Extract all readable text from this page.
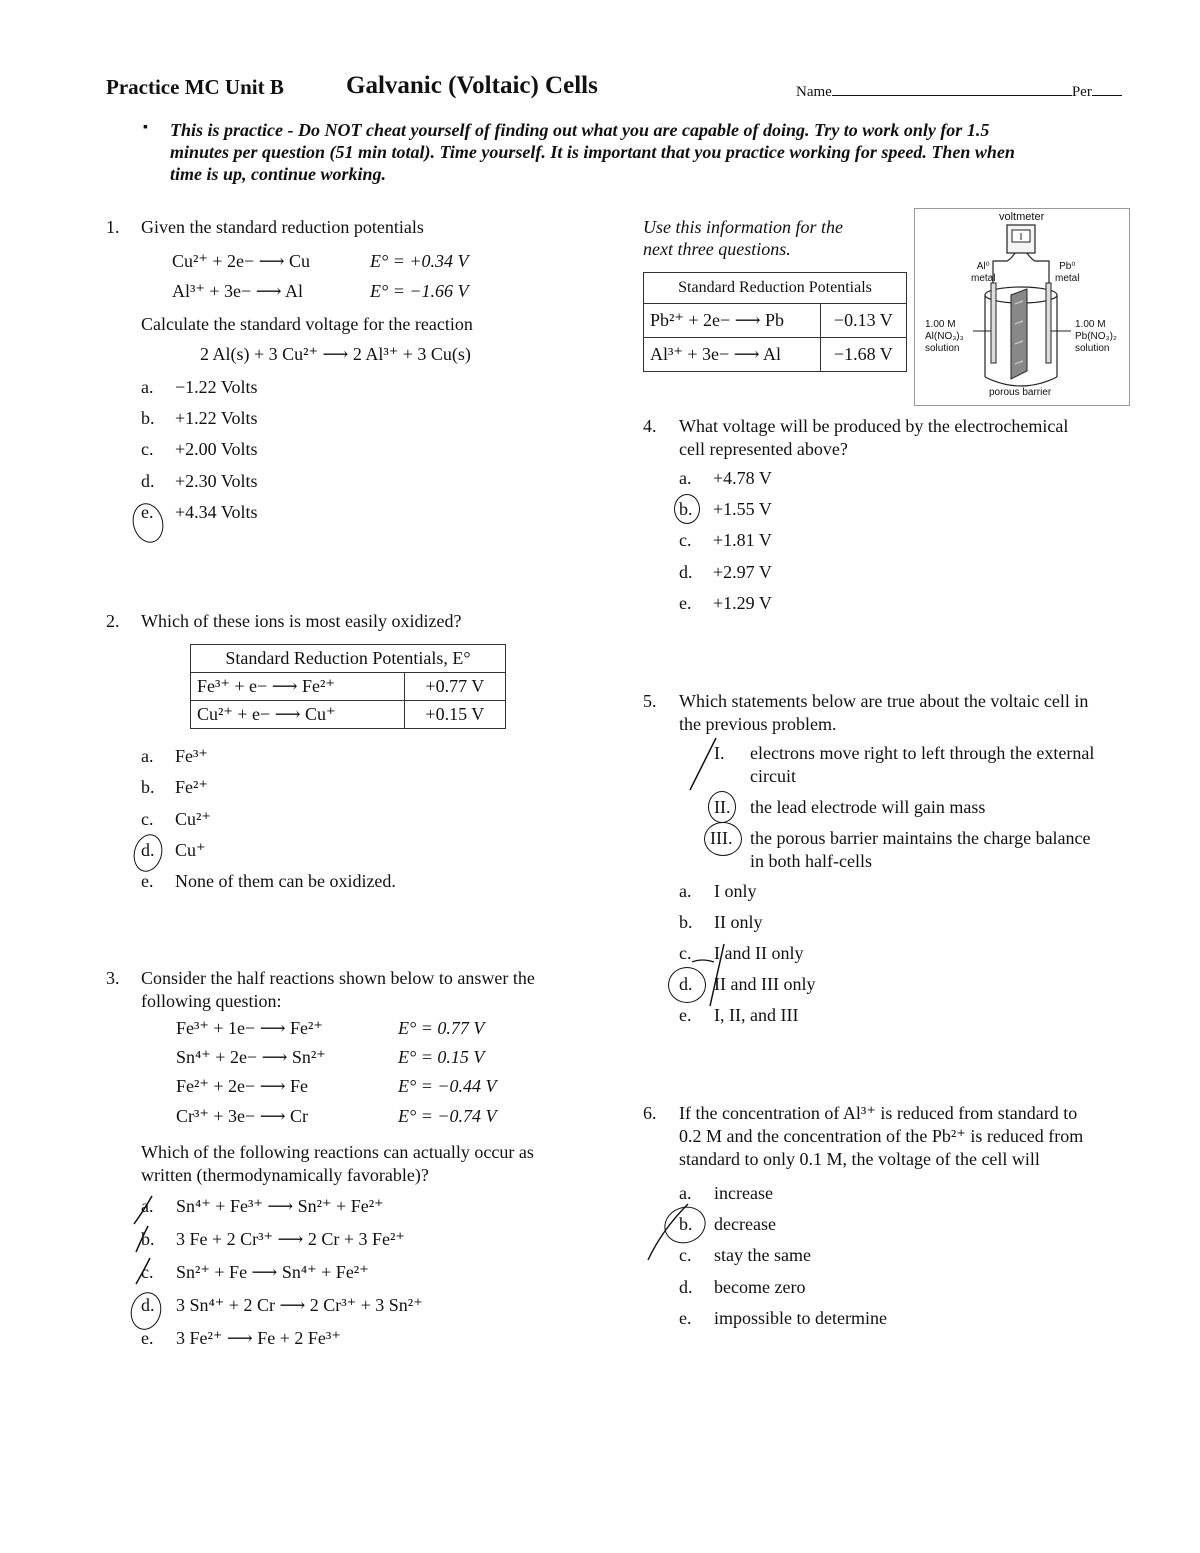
Practice MC Unit B Galvanic (Voltaic) Cells	Name	Per
▪ This is practice - Do NOT cheat yourself of finding out what you are capable of doing. Try to work only for 1.5
minutes per question (51 min total). Time yourself. It is important that you practice working for speed. Then when
time is up, continue working.
1. Given the standard reduction potentials
Cu²⁺ + 2e− ⟶ Cu	E° = +0.34 V
Al³⁺ + 3e− ⟶ Al	E° = −1.66 V
Calculate the standard voltage for the reaction
2 Al(s) + 3 Cu²⁺ ⟶ 2 Al³⁺ + 3 Cu(s)
a. −1.22 Volts
b. +1.22 Volts
c. +2.00 Volts
d. +2.30 Volts
e. +4.34 Volts
2. Which of these ions is most easily oxidized?
Standard Reduction Potentials, E°	
Fe³⁺ + e− ⟶ Fe²⁺	+0.77 V
Cu²⁺ + e− ⟶ Cu⁺	+0.15 V
a. Fe³⁺
b. Fe²⁺
c. Cu²⁺
d. Cu⁺
e. None of them can be oxidized.
3. Consider the half reactions shown below to answer the
following question:
Fe³⁺ + 1e− ⟶ Fe²⁺	E° = 0.77 V
Sn⁴⁺ + 2e− ⟶ Sn²⁺	E° = 0.15 V
Fe²⁺ + 2e− ⟶ Fe	E° = −0.44 V
Cr³⁺ + 3e− ⟶ Cr	E° = −0.74 V
Which of the following reactions can actually occur as
written (thermodynamically favorable)?
a. Sn⁴⁺ + Fe³⁺ ⟶ Sn²⁺ + Fe²⁺
b. 3 Fe + 2 Cr³⁺ ⟶ 2 Cr + 3 Fe²⁺
c. Sn²⁺ + Fe ⟶ Sn⁴⁺ + Fe²⁺
d. 3 Sn⁴⁺ + 2 Cr ⟶ 2 Cr³⁺ + 3 Sn²⁺
e. 3 Fe²⁺ ⟶ Fe + 2 Fe³⁺
Use this information for the
next three questions.
Standard Reduction Potentials	
Pb²⁺ + 2e− ⟶ Pb	−0.13 V
Al³⁺ + 3e− ⟶ Al	−1.68 V
voltmeter
Al⁰
metal
Pb⁰
metal
1.00 M
Al(NO₃)₃
solution
1.00 M
Pb(NO₃)₂
solution
porous barrier
4. What voltage will be produced by the electrochemical
cell represented above?
a. +4.78 V
b. +1.55 V
c. +1.81 V
d. +2.97 V
e. +1.29 V
5. Which statements below are true about the voltaic cell in
the previous problem.
I. electrons move right to left through the external
circuit
II. the lead electrode will gain mass
III. the porous barrier maintains the charge balance
in both half-cells
a. I only
b. II only
c. I and II only
d. II and III only
e. I, II, and III
6. If the concentration of Al³⁺ is reduced from standard to
0.2 M and the concentration of the Pb²⁺ is reduced from
standard to only 0.1 M, the voltage of the cell will
a. increase
b. decrease
c. stay the same
d. become zero
e. impossible to determine
